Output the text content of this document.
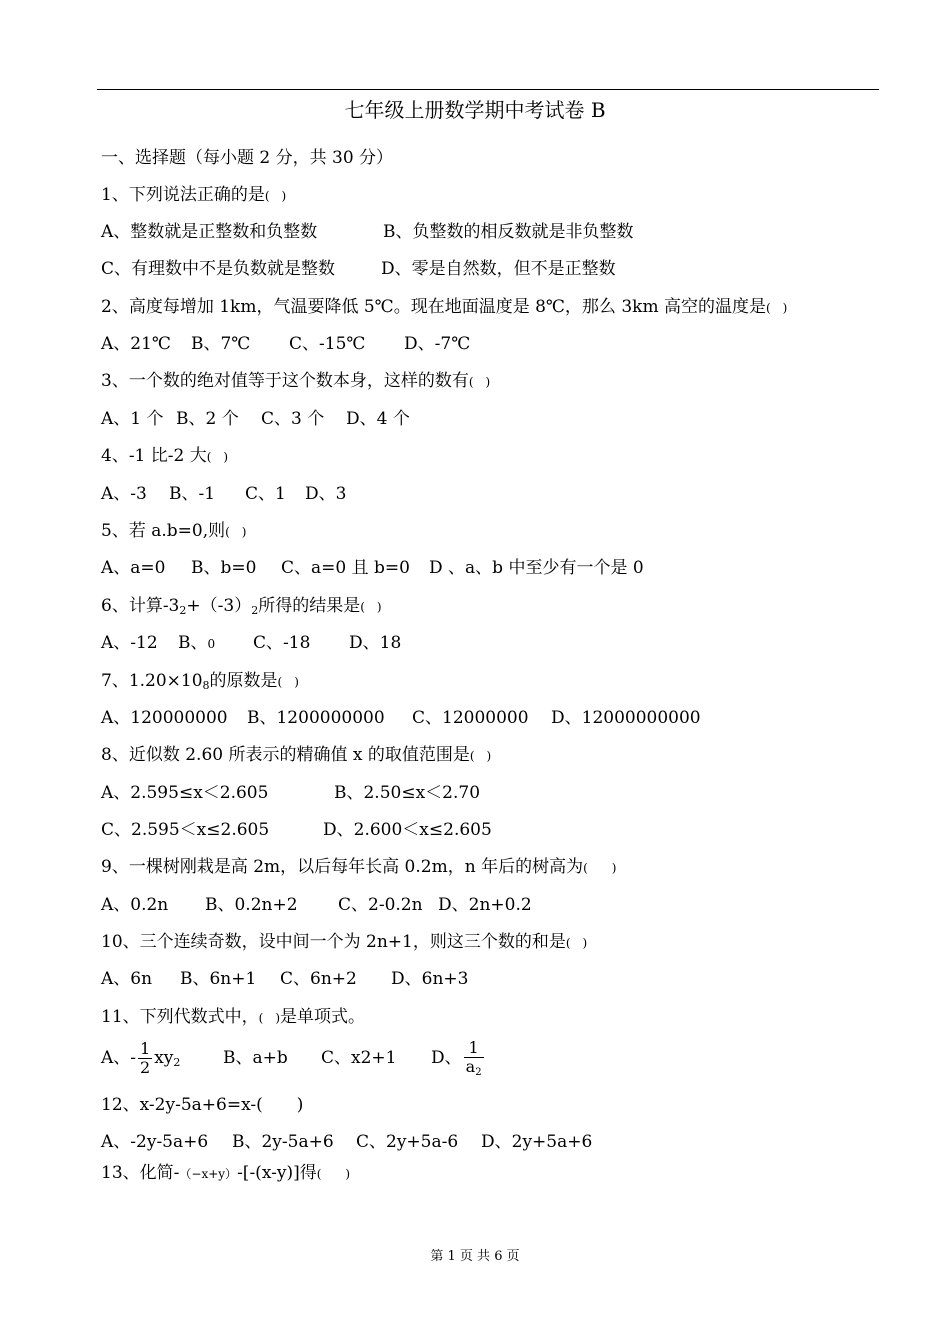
七年级上册数学期中考试卷 B
一、选择题（每小题 2 分，共 30 分）
1、下列说法正确的是(　)
A、整数就是正整数和负整数	B、负整数的相反数就是非负整数
C、有理数中不是负数就是整数	D、零是自然数，但不是正整数
2、高度每增加 1km，气温要降低 5℃。现在地面温度是 8℃，那么 3km 高空的温度是(　)
A、21℃ B、7℃ C、-15℃ D、-7℃
3、一个数的绝对值等于这个数本身，这样的数有(　)
A、1 个 B、2 个 C、3 个 D、4 个
4、-1 比-2 大(　)
A、-3 B、-1 C、1 D、3
5、若 a.b=0,则(　)
A、a=0 B、b=0 C、a=0 且 b=0 D 、a、b 中至少有一个是 0
6、计算-32+（-3）2所得的结果是(　)
A、-12 B、0 C、-18 D、18
7、1.20×108的原数是(　)
A、120000000 B、1200000000 C、12000000 D、12000000000
8、近似数 2.60 所表示的精确值 x 的取值范围是(　)
A、2.595≤x＜2.605	B、2.50≤x＜2.70
C、2.595＜x≤2.605	D、2.600＜x≤2.605
9、一棵树刚栽是高 2m，以后每年长高 0.2m，n 年后的树高为(　　)
A、0.2n B、0.2n+2 C、2-0.2n D、2n+0.2
10、三个连续奇数，设中间一个为 2n+1，则这三个数的和是(　)
A、6n B、6n+1 C、6n+2 D、6n+3
11、下列代数式中，(　)是单项式。
A、- $\frac{1}{2} xy2$	B、a+b C、x2+1 D、 $\frac{1}{a2}$
12、x-2y-5a+6=x-(　　)
A、-2y-5a+6 B、2y-5a+6 C、2y+5a-6 D、2y+5a+6
13、化简-（−x+y）-[-(x-y)]得(　　)
第 1 页 共 6 页
